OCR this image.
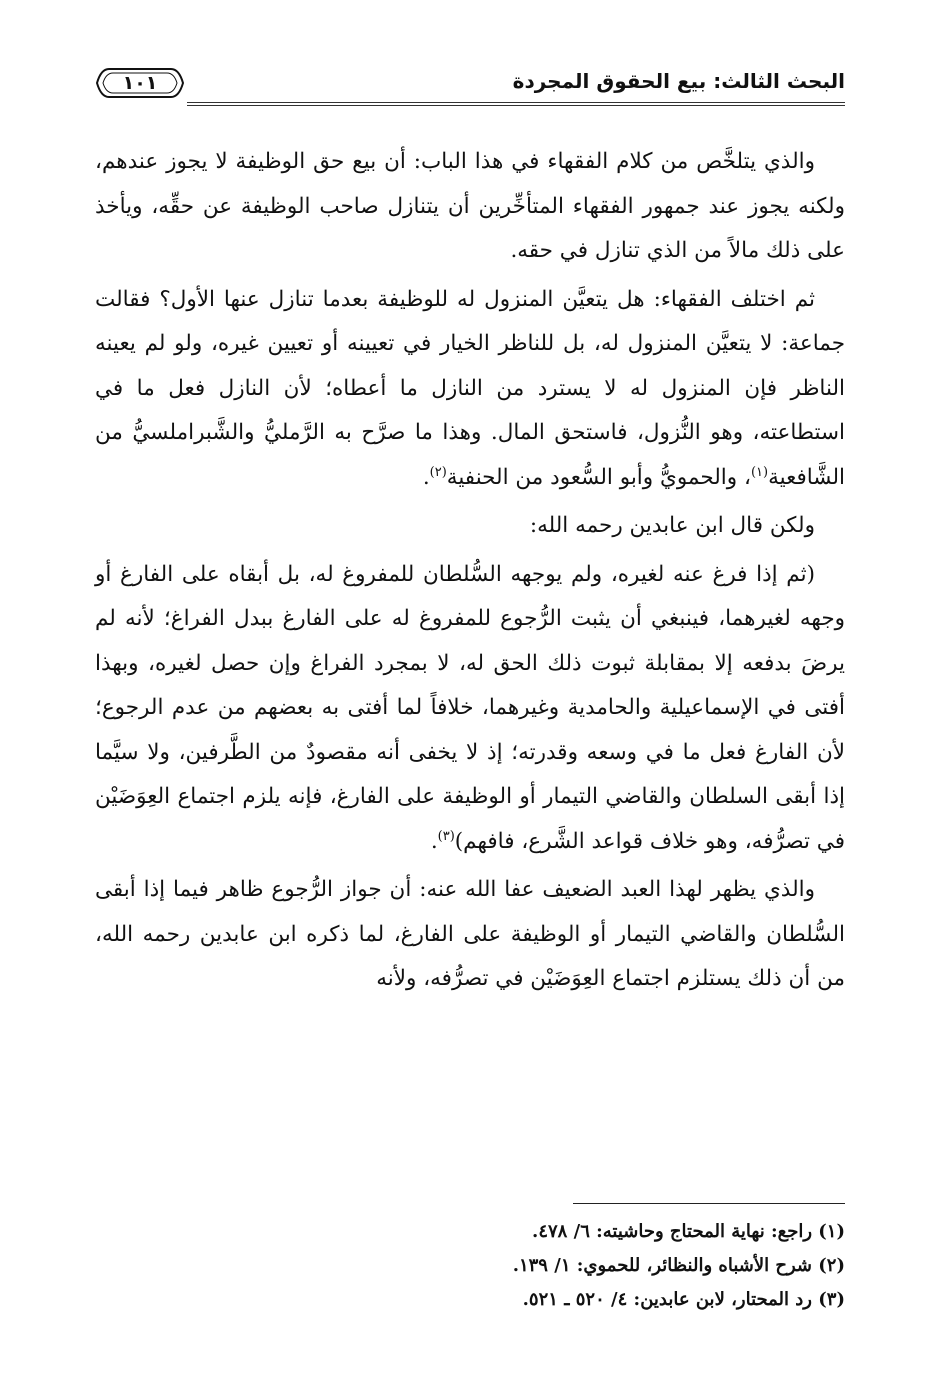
البحث الثالث: بيع الحقوق المجردة
١٠١

والذي يتلخَّص من كلام الفقهاء في هذا الباب: أن بيع حق الوظيفة لا يجوز عندهم، ولكنه يجوز عند جمهور الفقهاء المتأخِّرين أن يتنازل صاحب الوظيفة عن حقِّه، ويأخذ على ذلك مالاً من الذي تنازل في حقه.

ثم اختلف الفقهاء: هل يتعيَّن المنزول له للوظيفة بعدما تنازل عنها الأول؟ فقالت جماعة: لا يتعيَّن المنزول له، بل للناظر الخيار في تعيينه أو تعيين غيره، ولو لم يعينه الناظر فإن المنزول له لا يسترد من النازل ما أعطاه؛ لأن النازل فعل ما في استطاعته، وهو النُّزول، فاستحق المال. وهذا ما صرَّح به الرَّمليُّ والشَّبراملسيُّ من الشَّافعية$^{(١)}$، والحمويُّ وأبو السُّعود من الحنفية$^{(٢)}$.

ولكن قال ابن عابدين رحمه الله:

(ثم إذا فرغ عنه لغيره، ولم يوجهه السُّلطان للمفروغ له، بل أبقاه على الفارغ أو وجهه لغيرهما، فينبغي أن يثبت الرُّجوع للمفروغ له على الفارغ ببدل الفراغ؛ لأنه لم يرضَ بدفعه إلا بمقابلة ثبوت ذلك الحق له، لا بمجرد الفراغ وإن حصل لغيره، وبهذا أفتى في الإسماعيلية والحامدية وغيرهما، خلافاً لما أفتى به بعضهم من عدم الرجوع؛ لأن الفارغ فعل ما في وسعه وقدرته؛ إذ لا يخفى أنه مقصودٌ من الطَّرفين، ولا سيَّما إذا أبقى السلطان والقاضي التيمار أو الوظيفة على الفارغ، فإنه يلزم اجتماع العِوَضَيْن في تصرُّفه، وهو خلاف قواعد الشَّرع، فافهم)$^{(٣)}$.

والذي يظهر لهذا العبد الضعيف عفا الله عنه: أن جواز الرُّجوع ظاهر فيما إذا أبقى السُّلطان والقاضي التيمار أو الوظيفة على الفارغ، لما ذكره ابن عابدين رحمه الله، من أن ذلك يستلزم اجتماع العِوَضَيْن في تصرُّفه، ولأنه

(١) راجع: نهاية المحتاج وحاشيته: ٦/ ٤٧٨.
(٢) شرح الأشباه والنظائر، للحموي: ١/ ١٣٩.
(٣) رد المحتار، لابن عابدين: ٤/ ٥٢٠ ـ ٥٢١.
